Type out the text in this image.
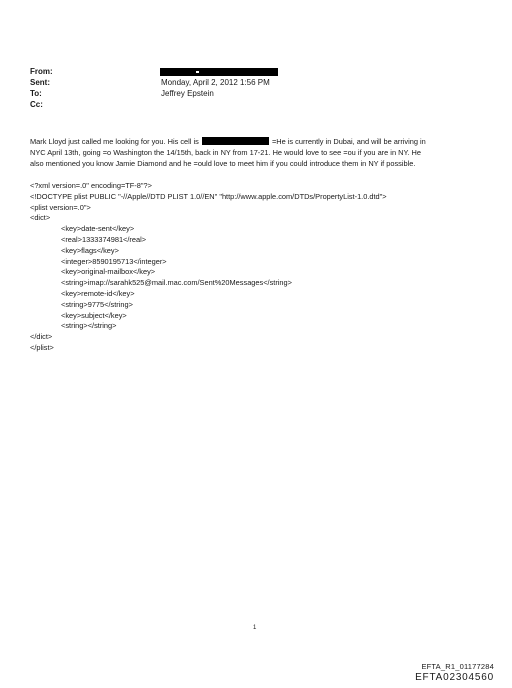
From:
Sent:	Monday, April 2, 2012 1:56 PM
To:	Jeffrey Epstein
Cc:
Mark Lloyd just called me looking for you. His cell is	=He is currently in Dubai, and will be arriving in
NYC April 13th, going =o Washington the 14/15th, back in NY from 17-21. He would love to see =ou if you are in NY. He
also mentioned you know Jamie Diamond and he =ould love to meet him if you could introduce them in NY if possible.
<?xml version=.0" encoding=TF-8"?>
<!DOCTYPE plist PUBLIC "-//Apple//DTD PLIST 1.0//EN" "http://www.apple.com/DTDs/PropertyList-1.0.dtd">
<plist version=.0">
<dict>
<key>date-sent</key>
<real>1333374981</real>
<key>flags</key>
<integer>8590195713</integer>
<key>original-mailbox</key>
<string>imap://sarahk525@mail.mac.com/Sent%20Messages</string>
<key>remote-id</key>
<string>9775</string>
<key>subject</key>
<string></string>
</dict>
</plist>
1
EFTA_R1_01177284
EFTA02304560
